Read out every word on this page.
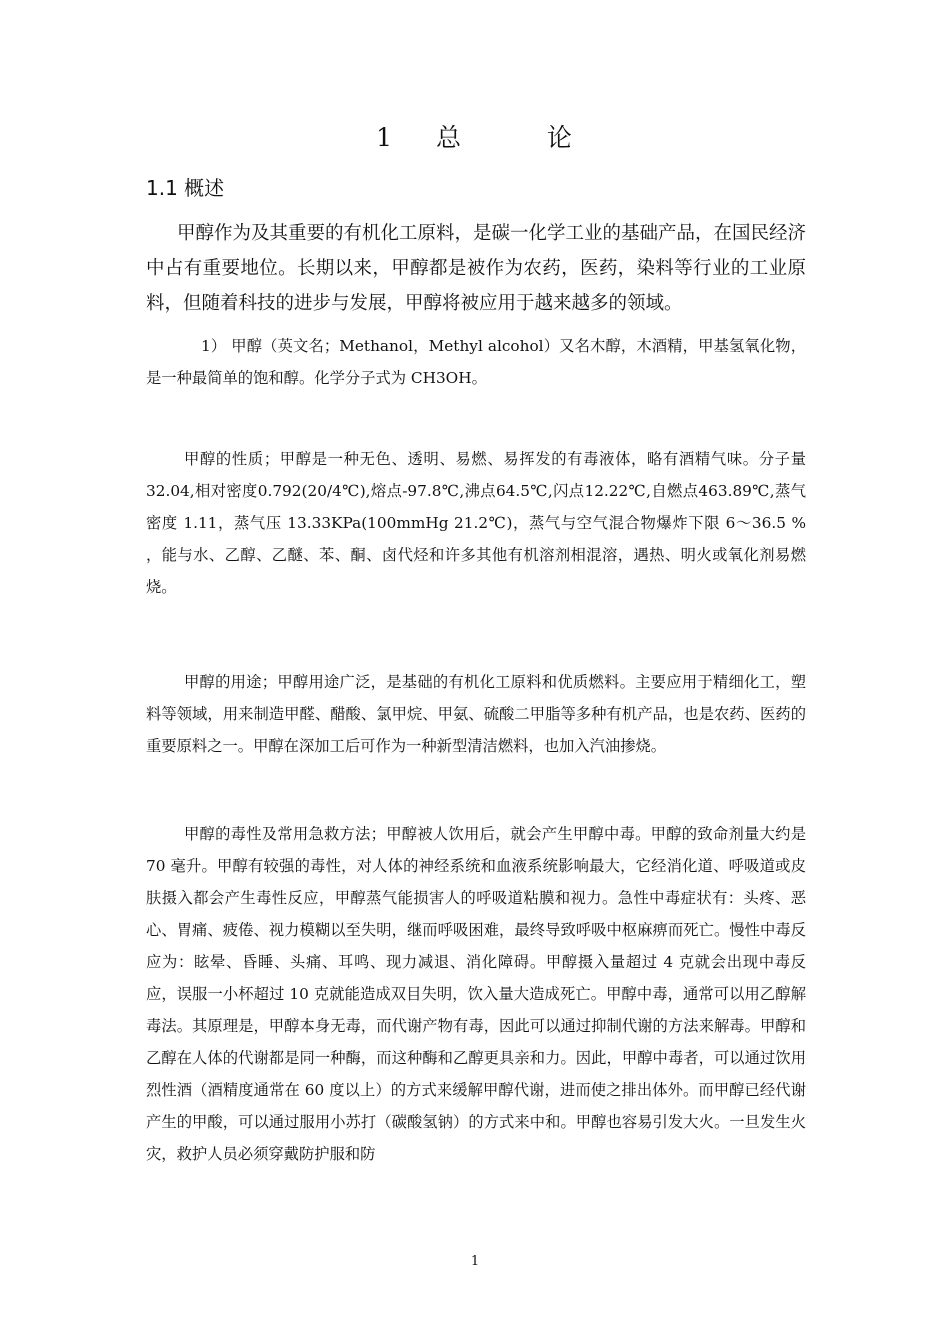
1 总  论
1.1 概述

甲醇作为及其重要的有机化工原料，是碳一化学工业的基础产品，在国民经济中占有重要地位。长期以来，甲醇都是被作为农药，医药，染料等行业的工业原料，但随着科技的进步与发展，甲醇将被应用于越来越多的领域。

1） 甲醇（英文名；Methanol，Methyl alcohol）又名木醇，木酒精，甲基氢氧化物，是一种最简单的饱和醇。化学分子式为 CH3OH。

甲醇的性质；甲醇是一种无色、透明、易燃、易挥发的有毒液体，略有酒精气味。分子量32.04,相对密度0.792(20/4℃),熔点-97.8℃,沸点64.5℃,闪点12.22℃,自燃点463.89℃,蒸气密度 1.11，蒸气压 13.33KPa(100mmHg 21.2℃)，蒸气与空气混合物爆炸下限 6～36.5 % ，能与水、乙醇、乙醚、苯、酮、卤代烃和许多其他有机溶剂相混溶，遇热、明火或氧化剂易燃烧。

甲醇的用途；甲醇用途广泛，是基础的有机化工原料和优质燃料。主要应用于精细化工，塑料等领域，用来制造甲醛、醋酸、氯甲烷、甲氨、硫酸二甲脂等多种有机产品，也是农药、医药的重要原料之一。甲醇在深加工后可作为一种新型清洁燃料，也加入汽油掺烧。

甲醇的毒性及常用急救方法；甲醇被人饮用后，就会产生甲醇中毒。甲醇的致命剂量大约是 70 毫升。甲醇有较强的毒性，对人体的神经系统和血液系统影响最大，它经消化道、呼吸道或皮肤摄入都会产生毒性反应，甲醇蒸气能损害人的呼吸道粘膜和视力。急性中毒症状有：头疼、恶心、胃痛、疲倦、视力模糊以至失明，继而呼吸困难，最终导致呼吸中枢麻痹而死亡。慢性中毒反应为：眩晕、昏睡、头痛、耳鸣、现力减退、消化障碍。甲醇摄入量超过 4 克就会出现中毒反应，误服一小杯超过 10 克就能造成双目失明，饮入量大造成死亡。甲醇中毒，通常可以用乙醇解毒法。其原理是，甲醇本身无毒，而代谢产物有毒，因此可以通过抑制代谢的方法来解毒。甲醇和乙醇在人体的代谢都是同一种酶，而这种酶和乙醇更具亲和力。因此，甲醇中毒者，可以通过饮用烈性酒（酒精度通常在 60 度以上）的方式来缓解甲醇代谢，进而使之排出体外。而甲醇已经代谢产生的甲酸，可以通过服用小苏打（碳酸氢钠）的方式来中和。甲醇也容易引发大火。一旦发生火灾，救护人员必须穿戴防护服和防

1
